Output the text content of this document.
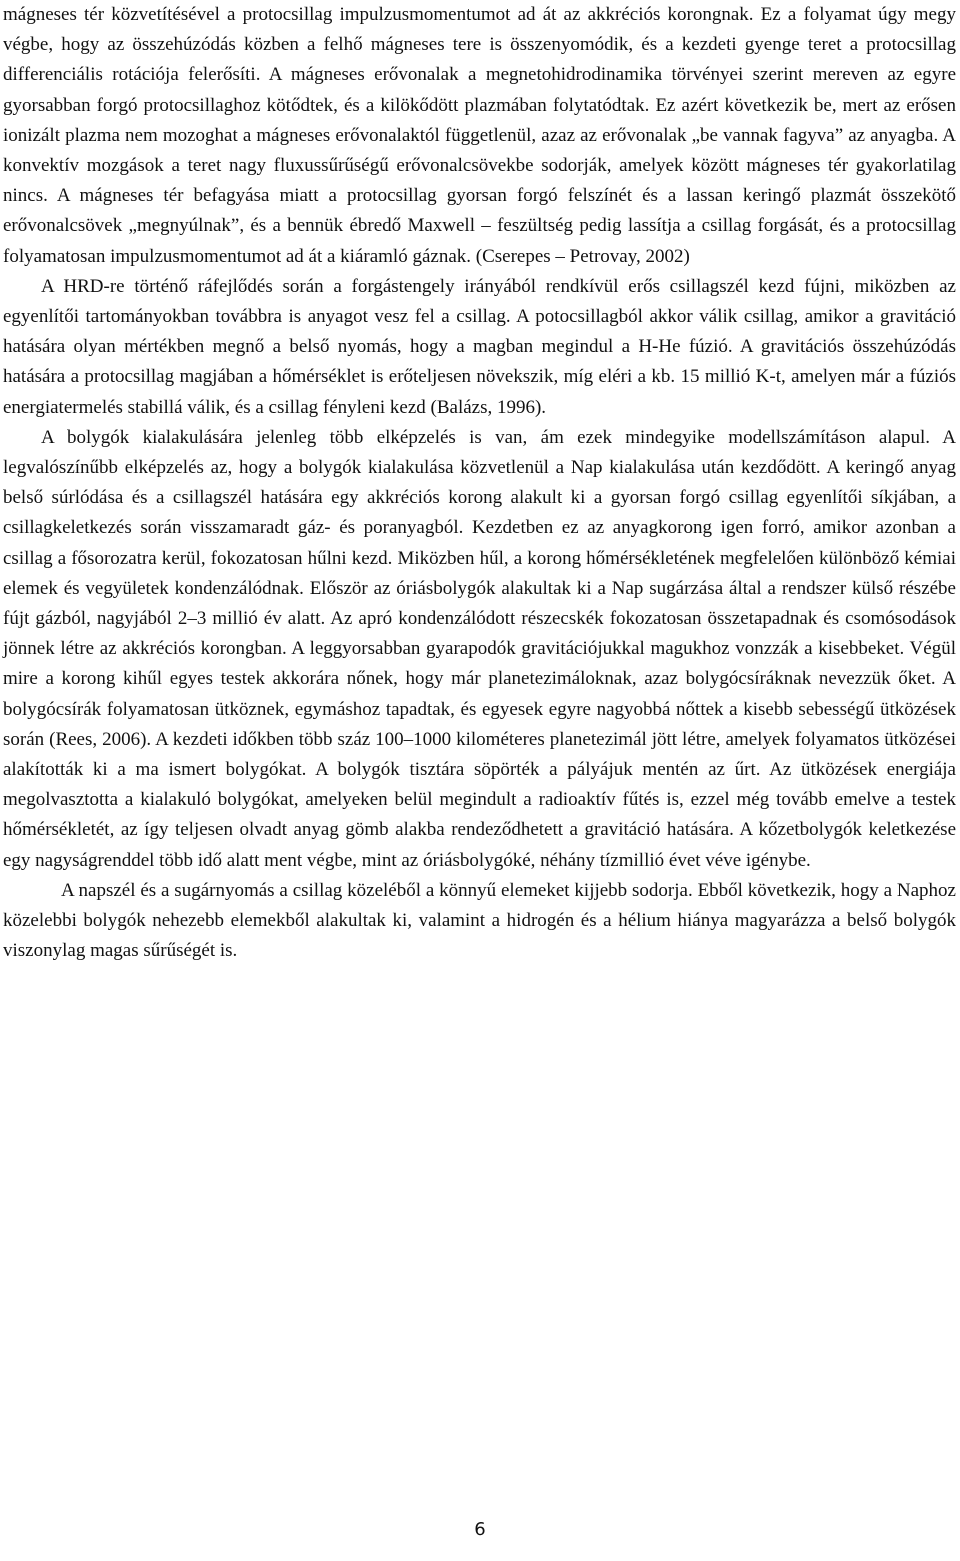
mágneses tér közvetítésével a protocsillag impulzusmomentumot ad át az akkréciós korongnak. Ez a folyamat úgy megy végbe, hogy az összehúzódás közben a felhő mágneses tere is összenyomódik, és a kezdeti gyenge teret a protocsillag differenciális rotációja felerősíti. A mágneses erővonalak a megnetohidrodinamika törvényei szerint mereven az egyre gyorsabban forgó protocsillaghoz kötődtek, és a kilökődött plazmában folytatódtak. Ez azért következik be, mert az erősen ionizált plazma nem mozoghat a mágneses erővonalaktól függetlenül, azaz az erővonalak „be vannak fagyva” az anyagba. A konvektív mozgások a teret nagy fluxussűrűségű erővonalcsövekbe sodorják, amelyek között mágneses tér gyakorlatilag nincs. A mágneses tér befagyása miatt a protocsillag gyorsan forgó felszínét és a lassan keringő plazmát összekötő erővonalcsövek „megnyúlnak”, és a bennük ébredő Maxwell – feszültség pedig lassítja a csillag forgását, és a protocsillag folyamatosan impulzusmomentumot ad át a kiáramló gáznak. (Cserepes – Petrovay, 2002)

A HRD-re történő ráfejlődés során a forgástengely irányából rendkívül erős csillagszél kezd fújni, miközben az egyenlítői tartományokban továbbra is anyagot vesz fel a csillag. A potocsillagból akkor válik csillag, amikor a gravitáció hatására olyan mértékben megnő a belső nyomás, hogy a magban megindul a H-He fúzió. A gravitációs összehúzódás hatására a protocsillag magjában a hőmérséklet is erőteljesen növekszik, míg eléri a kb. 15 millió K-t, amelyen már a fúziós energiatermelés stabillá válik, és a csillag fényleni kezd (Balázs, 1996).

A bolygók kialakulására jelenleg több elképzelés is van, ám ezek mindegyike modellszámításon alapul. A legvalószínűbb elképzelés az, hogy a bolygók kialakulása közvetlenül a Nap kialakulása után kezdődött. A keringő anyag belső súrlódása és a csillagszél hatására egy akkréciós korong alakult ki a gyorsan forgó csillag egyenlítői síkjában, a csillagkeletkezés során visszamaradt gáz- és poranyagból. Kezdetben ez az anyagkorong igen forró, amikor azonban a csillag a fősorozatra kerül, fokozatosan hűlni kezd. Miközben hűl, a korong hőmérsékletének megfelelően különböző kémiai elemek és vegyületek kondenzálódnak. Először az óriásbolygók alakultak ki a Nap sugárzása által a rendszer külső részébe fújt gázból, nagyjából 2–3 millió év alatt. Az apró kondenzálódott részecskék fokozatosan összetapadnak és csomósodások jönnek létre az akkréciós korongban. A leggyorsabban gyarapodók gravitációjukkal magukhoz vonzzák a kisebbeket. Végül mire a korong kihűl egyes testek akkorára nőnek, hogy már planetezimáloknak, azaz bolygócsíráknak nevezzük őket. A bolygócsírák folyamatosan ütköznek, egymáshoz tapadtak, és egyesek egyre nagyobbá nőttek a kisebb sebességű ütközések során (Rees, 2006). A kezdeti időkben több száz 100–1000 kilométeres planetezimál jött létre, amelyek folyamatos ütközései alakították ki a ma ismert bolygókat. A bolygók tisztára söpörték a pályájuk mentén az űrt. Az ütközések energiája megolvasztotta a kialakuló bolygókat, amelyeken belül megindult a radioaktív fűtés is, ezzel még tovább emelve a testek hőmérsékletét, az így teljesen olvadt anyag gömb alakba rendeződhetett a gravitáció hatására. A kőzetbolygók keletkezése egy nagyságrenddel több idő alatt ment végbe, mint az óriásbolygóké, néhány tízmillió évet véve igénybe.

A napszél és a sugárnyomás a csillag közeléből a könnyű elemeket kijjebb sodorja. Ebből következik, hogy a Naphoz közelebbi bolygók nehezebb elemekből alakultak ki, valamint a hidrogén és a hélium hiánya magyarázza a belső bolygók viszonylag magas sűrűségét is.

6
